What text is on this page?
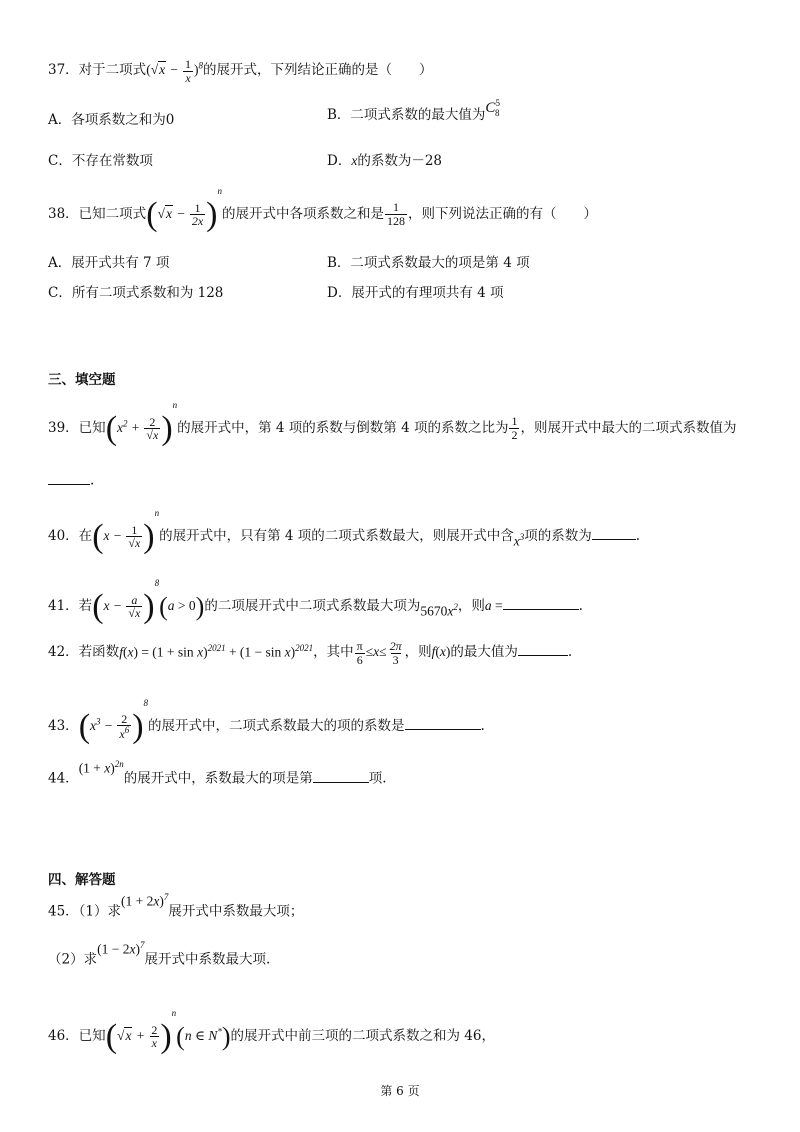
37．对于二项式$(√x - \frac{1}{x} )^8$的展开式，下列结论正确的是（　　）
A．各项系数之和为0	B．二项式系数的最大值为$C^5_8$
C．不存在常数项	D．x的系数为－28
38．已知二项式$(√x - \frac{1}{2x} )^n$的展开式中各项系数之和是 $\frac{1}{128}$ ，则下列说法正确的有（　　）
A．展开式共有 7 项	B．二项式系数最大的项是第 4 项
C．所有二项式系数和为 128	D．展开式的有理项共有 4 项
三、填空题
39．已知$(x^2 + \frac{2}{√x} )^n$的展开式中，第 4 项的系数与倒数第 4 项的系数之比为 $\frac{1}{2}$ ，则展开式中最大的二项式系数值为
.
40．在$(x - \frac{1}{√x} )^n$的展开式中，只有第 4 项的二项式系数最大，则展开式中含$x^3$项的系数为	.
41．若$(x - \frac{a}{√x} )^8(a > 0)$的二项展开式中二项式系数最大项为$5670x^2$，则a =	.
42．若函数$f(x) = (1 + \sin x)^{2021} + (1 - \sin x)^{2021}$，其中 $\frac{\pi}{6} \le x\le \frac{2\pi}{3}$ ，则f(x)的最大值为	.
43．$(x^3 - \frac{2}{x^6} )^8$的展开式中，二项式系数最大的项的系数是	.
44．$(1 + x)^{2n}$的展开式中，系数最大的项是第	项.
四、解答题
45．（1）求$(1 + 2x)^7$展开式中系数最大项；
（2）求$(1 - 2x)^7$展开式中系数最大项.
46．已知$(√x + \frac{2}{x} )^n(n$ ∈ N*)的展开式中前三项的二项式系数之和为 46，
第 6 页
